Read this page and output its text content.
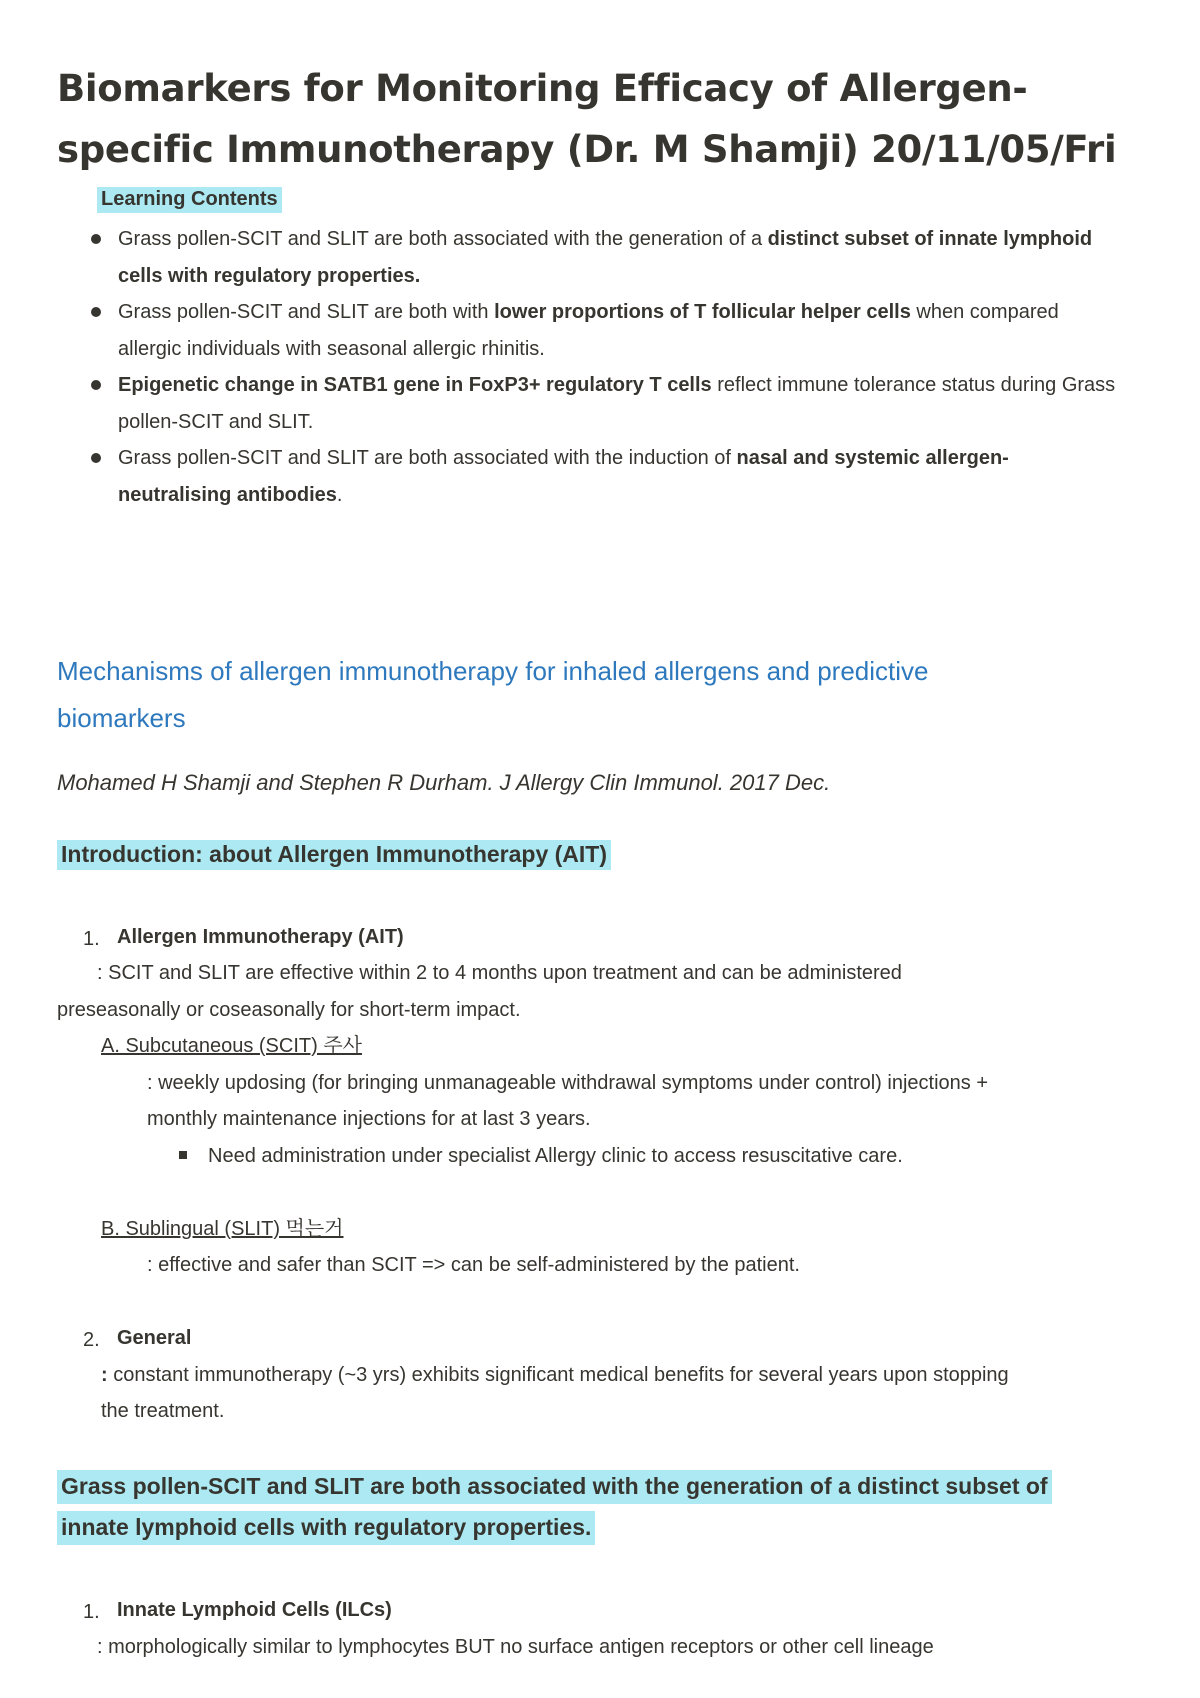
Biomarkers for Monitoring Efficacy of Allergen-specific Immunotherapy (Dr. M Shamji) 20/11/05/Fri
Learning Contents
Grass pollen-SCIT and SLIT are both associated with the generation of a distinct subset of innate lymphoid cells with regulatory properties.
Grass pollen-SCIT and SLIT are both with lower proportions of T follicular helper cells when compared allergic individuals with seasonal allergic rhinitis.
Epigenetic change in SATB1 gene in FoxP3+ regulatory T cells reflect immune tolerance status during Grass pollen-SCIT and SLIT.
Grass pollen-SCIT and SLIT are both associated with the induction of nasal and systemic allergen-neutralising antibodies.
Mechanisms of allergen immunotherapy for inhaled allergens and predictive biomarkers
Mohamed H Shamji and Stephen R Durham. J Allergy Clin Immunol. 2017 Dec.
Introduction: about Allergen Immunotherapy (AIT)
1. Allergen Immunotherapy (AIT)
: SCIT and SLIT are effective within 2 to 4 months upon treatment and can be administered
preseasonally or coseasonally for short-term impact.
A. Subcutaneous (SCIT) 주사
: weekly updosing (for bringing unmanageable withdrawal symptoms under control) injections +
monthly maintenance injections for at last 3 years.
Need administration under specialist Allergy clinic to access resuscitative care.
B. Sublingual (SLIT) 먹는거
: effective and safer than SCIT => can be self-administered by the patient.
2. General
: constant immunotherapy (~3 yrs) exhibits significant medical benefits for several years upon stopping
the treatment.
Grass pollen-SCIT and SLIT are both associated with the generation of a distinct subset of
innate lymphoid cells with regulatory properties.
1. Innate Lymphoid Cells (ILCs)
: morphologically similar to lymphocytes BUT no surface antigen receptors or other cell lineage
